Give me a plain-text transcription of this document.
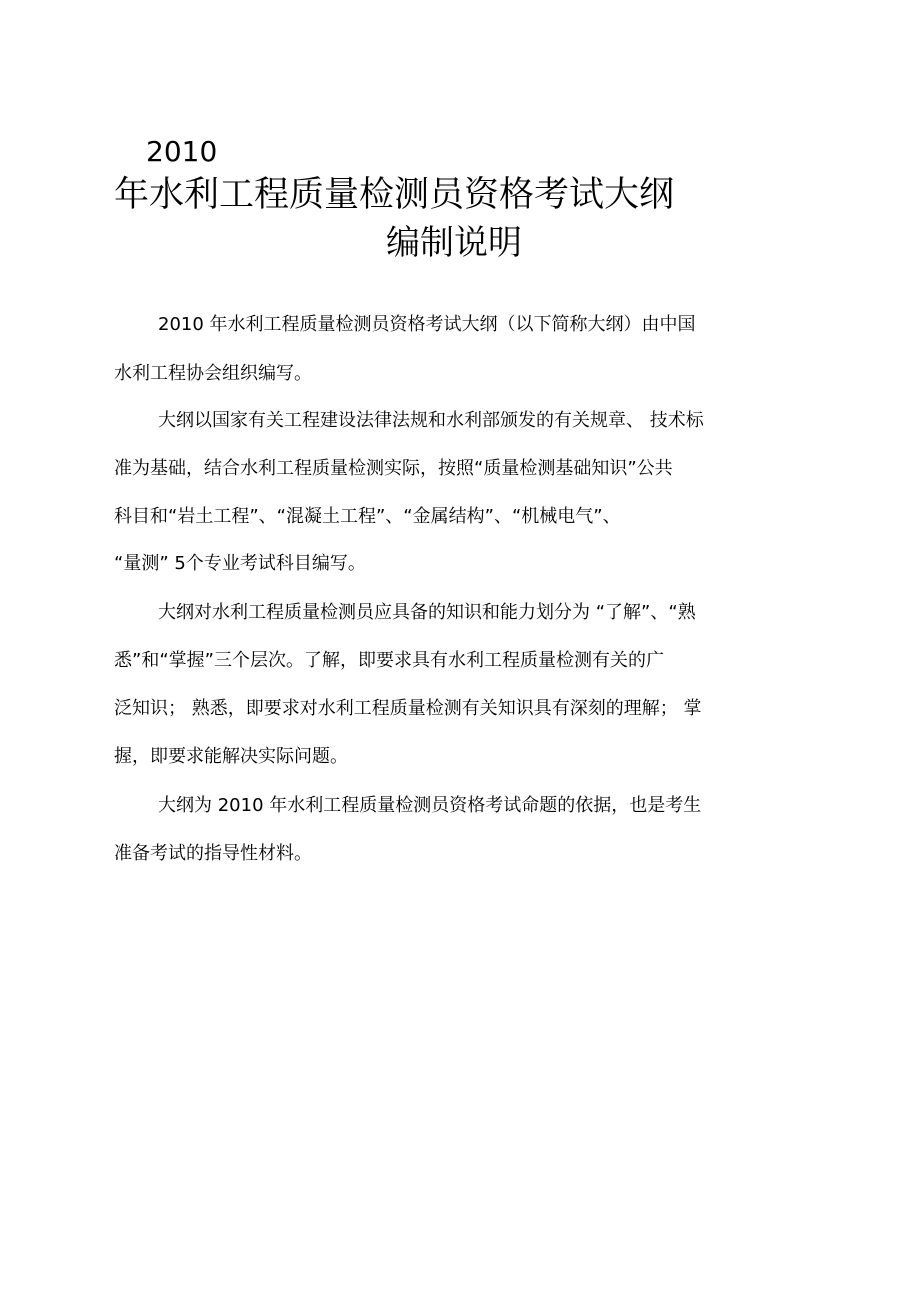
2010
年水利工程质量检测员资格考试大纲
编制说明
2010 年水利工程质量检测员资格考试大纲（以下简称大纲）由中国
水利工程协会组织编写。
大纲以国家有关工程建设法律法规和水利部颁发的有关规章、 技术标
准为基础，结合水利工程质量检测实际，按照“质量检测基础知识”公共
科目和“岩土工程”、“混凝土工程”、“金属结构”、“机械电气”、
“量测” 5个专业考试科目编写。
大纲对水利工程质量检测员应具备的知识和能力划分为 “了解”、“熟
悉”和“掌握”三个层次。了解，即要求具有水利工程质量检测有关的广
泛知识； 熟悉，即要求对水利工程质量检测有关知识具有深刻的理解； 掌
握，即要求能解决实际问题。
大纲为 2010 年水利工程质量检测员资格考试命题的依据，也是考生
准备考试的指导性材料。
